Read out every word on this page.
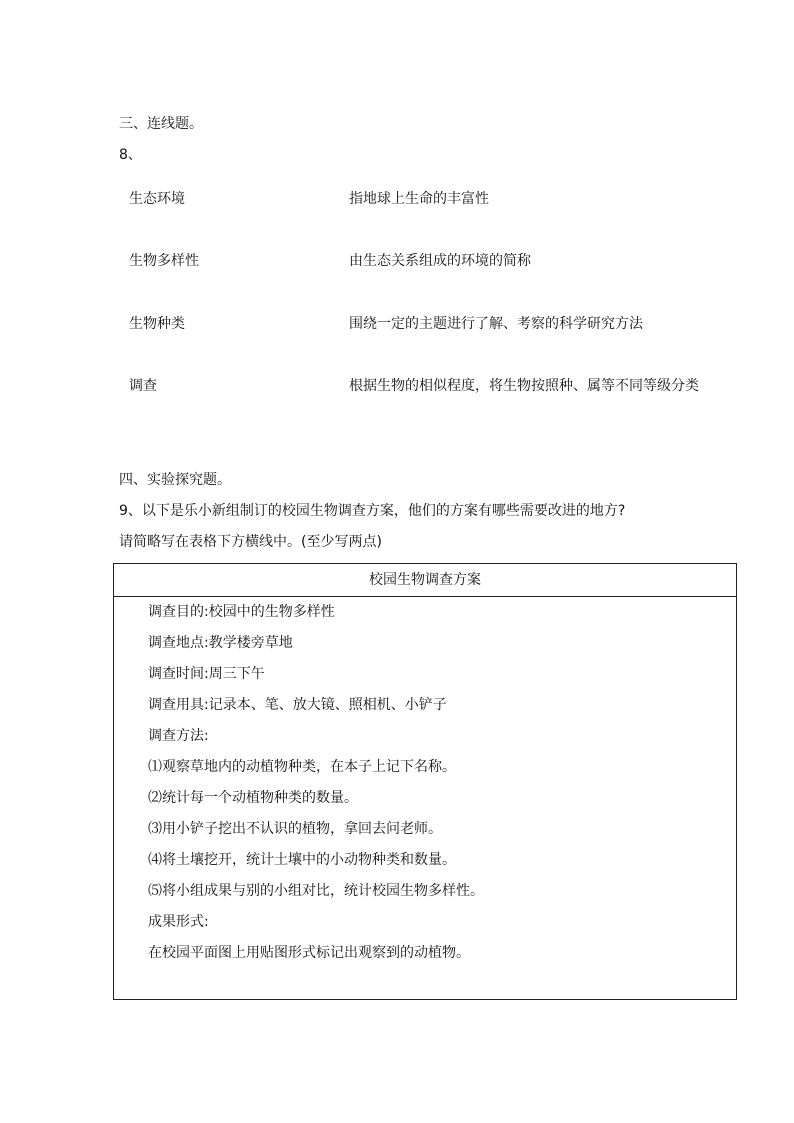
三、连线题。
8、
生态环境
生物多样性
生物种类
调查
指地球上生命的丰富性
由生态关系组成的环境的简称
围绕一定的主题进行了解、考察的科学研究方法
根据生物的相似程度，将生物按照种、属等不同等级分类
四、实验探究题。
9、以下是乐小新组制订的校园生物调查方案，他们的方案有哪些需要改进的地方?
请简略写在表格下方横线中。(至少写两点)
校园生物调查方案
调查目的:校园中的生物多样性
调查地点:教学楼旁草地
调查时间:周三下午
调查用具:记录本、笔、放大镜、照相机、小铲子
调查方法:
⑴观察草地内的动植物种类，在本子上记下名称。
⑵统计每一个动植物种类的数量。
⑶用小铲子挖出不认识的植物，拿回去问老师。
⑷将土壤挖开，统计土壤中的小动物种类和数量。
⑸将小组成果与别的小组对比，统计校园生物多样性。
成果形式:
在校园平面图上用贴图形式标记出观察到的动植物。
